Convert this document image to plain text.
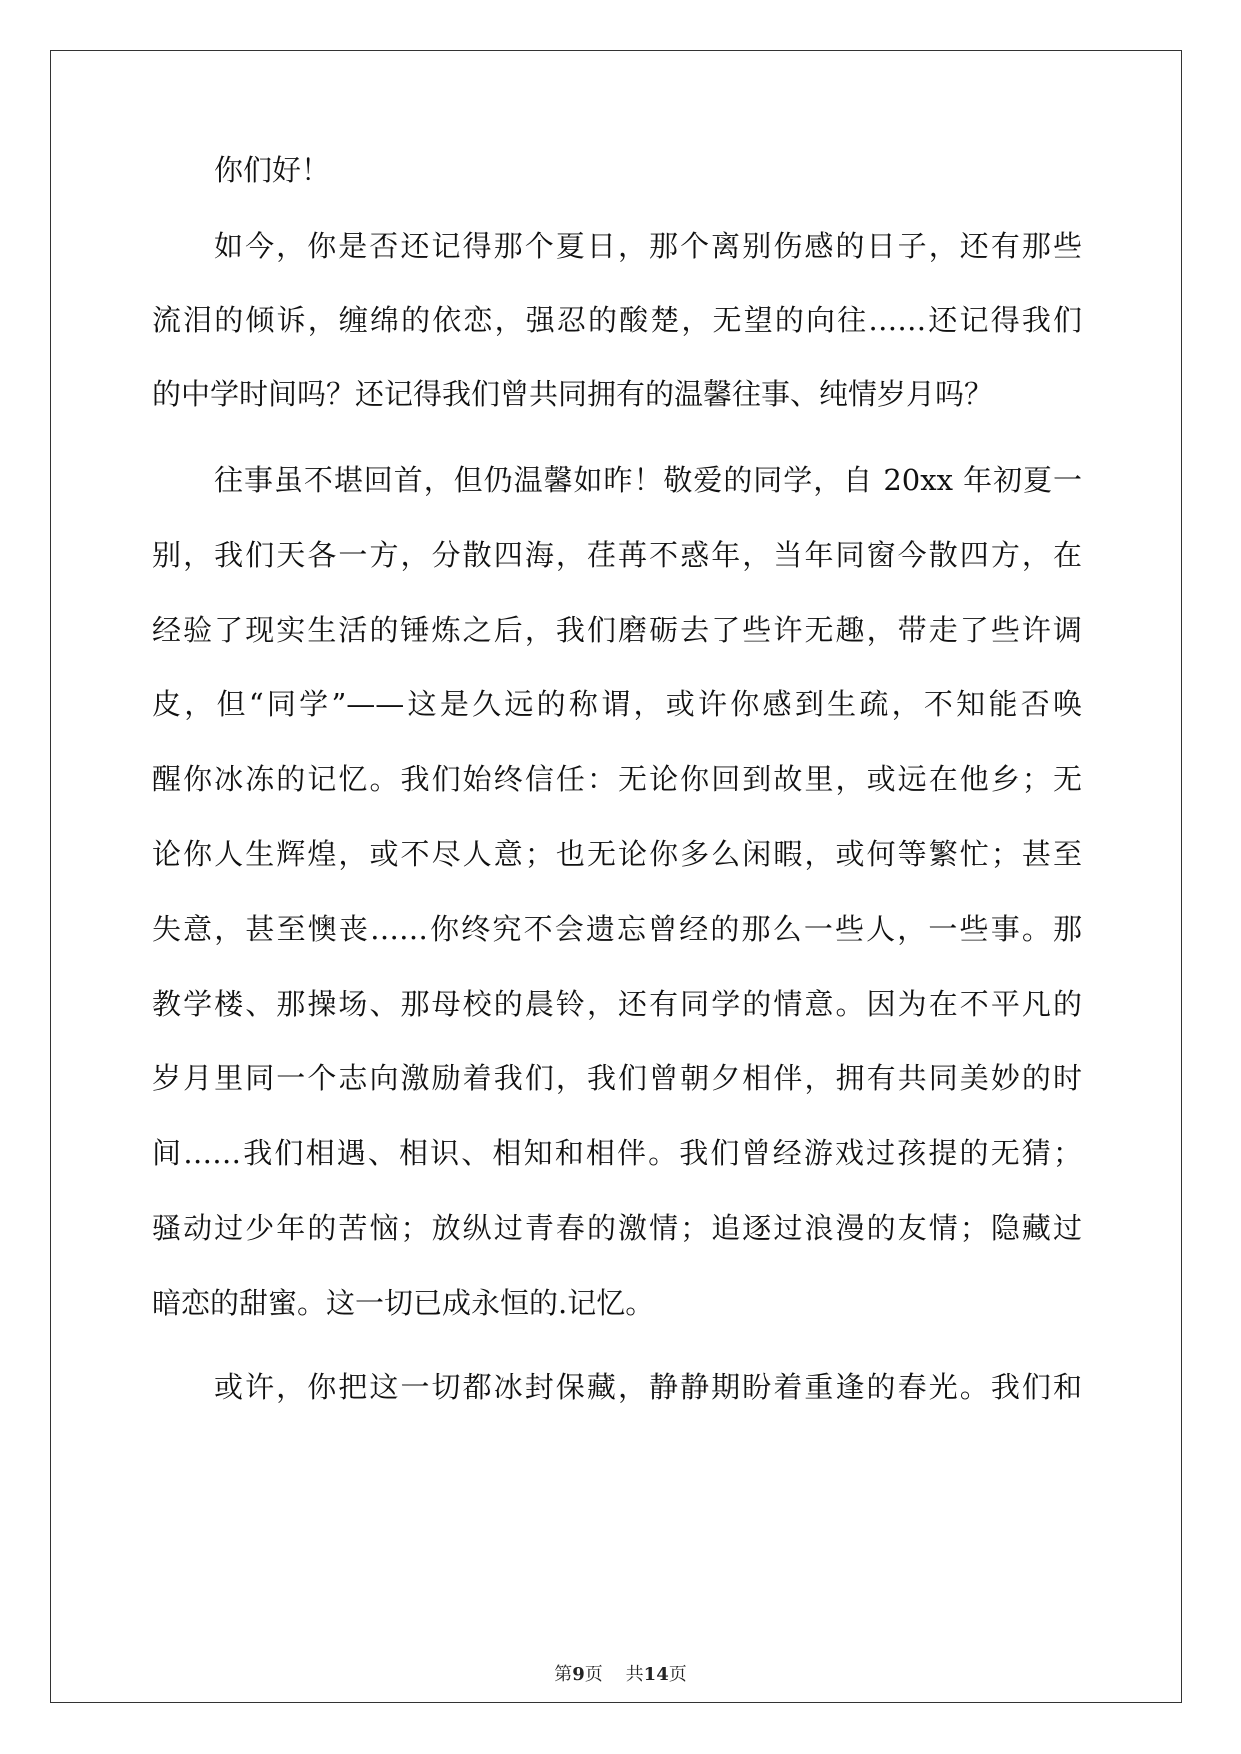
你们好！
如今，你是否还记得那个夏日，那个离别伤感的日子，还有那些
流泪的倾诉，缠绵的依恋，强忍的酸楚，无望的向往……还记得我们
的中学时间吗？还记得我们曾共同拥有的温馨往事、纯情岁月吗？
往事虽不堪回首，但仍温馨如昨！敬爱的同学，自 20xx 年初夏一
别，我们天各一方，分散四海，荏苒不惑年，当年同窗今散四方，在
经验了现实生活的锤炼之后，我们磨砺去了些许无趣，带走了些许调
皮，但“同学”——这是久远的称谓，或许你感到生疏，不知能否唤
醒你冰冻的记忆。我们始终信任：无论你回到故里，或远在他乡；无
论你人生辉煌，或不尽人意；也无论你多么闲暇，或何等繁忙；甚至
失意，甚至懊丧……你终究不会遗忘曾经的那么一些人，一些事。那
教学楼、那操场、那母校的晨铃，还有同学的情意。因为在不平凡的
岁月里同一个志向激励着我们，我们曾朝夕相伴，拥有共同美妙的时
间……我们相遇、相识、相知和相伴。我们曾经游戏过孩提的无猜；
骚动过少年的苦恼；放纵过青春的激情；追逐过浪漫的友情；隐藏过
暗恋的甜蜜。这一切已成永恒的.记忆。
或许，你把这一切都冰封保藏，静静期盼着重逢的春光。我们和
第9页 共14页
